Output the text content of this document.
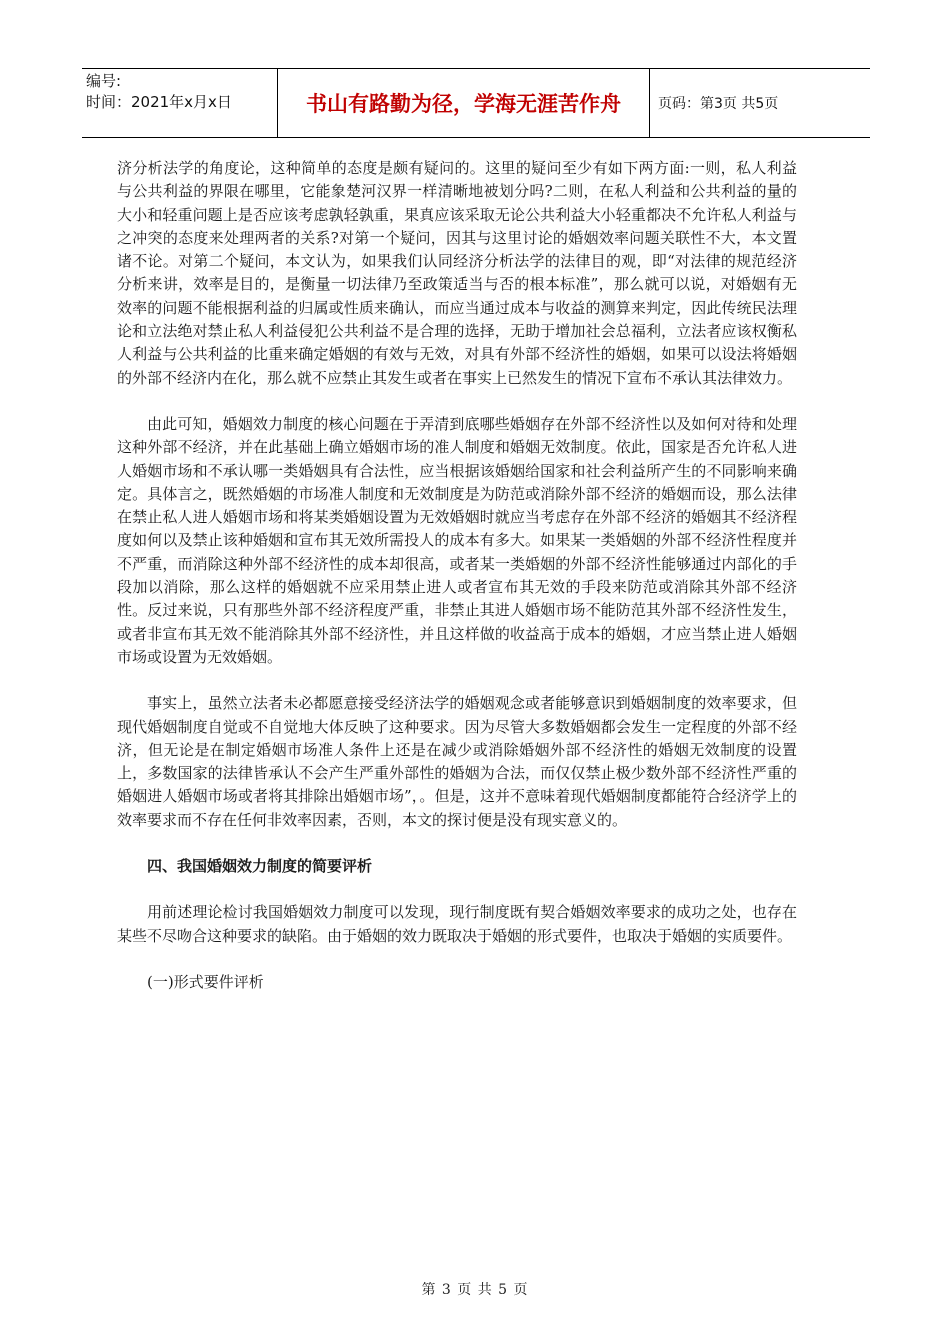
编号:
时间：2021年x月x日	书山有路勤为径，学海无涯苦作舟	页码：第3页 共5页

济分析法学的角度论，这种简单的态度是颇有疑问的。这里的疑问至少有如下两方面:一则，私人利益与公共利益的界限在哪里，它能象楚河汉界一样清晰地被划分吗?二则，在私人利益和公共利益的量的大小和轻重问题上是否应该考虑孰轻孰重，果真应该采取无论公共利益大小轻重都决不允许私人利益与之冲突的态度来处理两者的关系?对第一个疑问，因其与这里讨论的婚姻效率问题关联性不大，本文置诸不论。对第二个疑问，本文认为，如果我们认同经济分析法学的法律目的观，即“对法律的规范经济分析来讲，效率是目的，是衡量一切法律乃至政策适当与否的根本标准”，那么就可以说，对婚姻有无效率的问题不能根据利益的归属或性质来确认，而应当通过成本与收益的测算来判定，因此传统民法理论和立法绝对禁止私人利益侵犯公共利益不是合理的选择，无助于增加社会总福利，立法者应该权衡私人利益与公共利益的比重来确定婚姻的有效与无效，对具有外部不经济性的婚姻，如果可以设法将婚姻的外部不经济内在化，那么就不应禁止其发生或者在事实上已然发生的情况下宣布不承认其法律效力。

由此可知，婚姻效力制度的核心问题在于弄清到底哪些婚姻存在外部不经济性以及如何对待和处理这种外部不经济，并在此基础上确立婚姻市场的准人制度和婚姻无效制度。依此，国家是否允许私人进人婚姻市场和不承认哪一类婚姻具有合法性，应当根据该婚姻给国家和社会利益所产生的不同影响来确定。具体言之，既然婚姻的市场准人制度和无效制度是为防范或消除外部不经济的婚姻而设，那么法律在禁止私人进人婚姻市场和将某类婚姻设置为无效婚姻时就应当考虑存在外部不经济的婚姻其不经济程度如何以及禁止该种婚姻和宣布其无效所需投人的成本有多大。如果某一类婚姻的外部不经济性程度并不严重，而消除这种外部不经济性的成本却很高，或者某一类婚姻的外部不经济性能够通过内部化的手段加以消除，那么这样的婚姻就不应采用禁止进人或者宣布其无效的手段来防范或消除其外部不经济性。反过来说，只有那些外部不经济程度严重，非禁止其进人婚姻市场不能防范其外部不经济性发生，或者非宣布其无效不能消除其外部不经济性，并且这样做的收益高于成本的婚姻，才应当禁止进人婚姻市场或设置为无效婚姻。

事实上，虽然立法者未必都愿意接受经济法学的婚姻观念或者能够意识到婚姻制度的效率要求，但现代婚姻制度自觉或不自觉地大体反映了这种要求。因为尽管大多数婚姻都会发生一定程度的外部不经济，但无论是在制定婚姻市场准人条件上还是在减少或消除婚姻外部不经济性的婚姻无效制度的设置上，多数国家的法律皆承认不会产生严重外部性的婚姻为合法，而仅仅禁止极少数外部不经济性严重的婚姻进人婚姻市场或者将其排除出婚姻市场”，。但是，这并不意味着现代婚姻制度都能符合经济学上的效率要求而不存在任何非效率因素，否则，本文的探讨便是没有现实意义的。

四、我国婚姻效力制度的简要评析

用前述理论检讨我国婚姻效力制度可以发现，现行制度既有契合婚姻效率要求的成功之处，也存在某些不尽吻合这种要求的缺陷。由于婚姻的效力既取决于婚姻的形式要件，也取决于婚姻的实质要件。

(一)形式要件评析

第 3 页 共 5 页
